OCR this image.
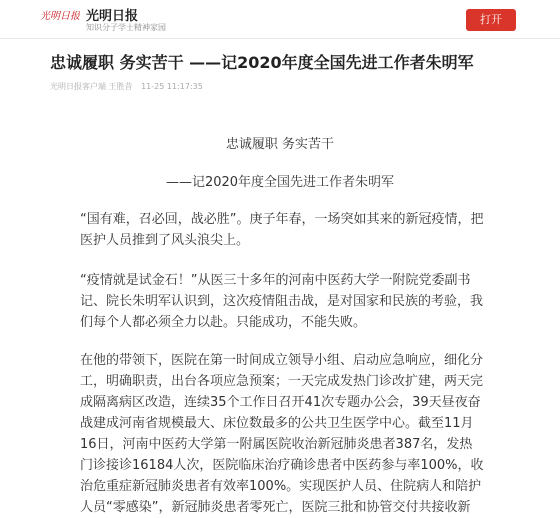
光明日报 光明日报
知识分子学士精神家园
打开
忠诚履职 务实苦干 ——记2020年度全国先进工作者朱明军
光明日报客户端 王胜昔 11-25 11:17:35
忠诚履职 务实苦干
——记2020年度全国先进工作者朱明军
“国有难，召必回，战必胜”。庚子年春，一场突如其来的新冠疫情，把医护人员推到了风头浪尖上。
“疫情就是试金石！”从医三十多年的河南中医药大学一附院党委副书记、院长朱明军认识到，这次疫情阻击战，是对国家和民族的考验，我们每个人都必须全力以赴。只能成功，不能失败。
在他的带领下，医院在第一时间成立领导小组、启动应急响应，细化分工，明确职责，出台各项应急预案；一天完成发热门诊改扩建，两天完成隔离病区改造，连续35个工作日召开41次专题办公会，39天昼夜奋战建成河南省规模最大、床位数最多的公共卫生医学中心。截至11月16日，河南中医药大学第一附属医院收治新冠肺炎患者387名，发热门诊接诊16184人次，医院临床治疗确诊患者中医药参与率100%，收治危重症新冠肺炎患者有效率100%。实现医护人员、住院病人和陪护人员“零感染”，新冠肺炎患者零死亡，医院三批和协管交付共接收新
